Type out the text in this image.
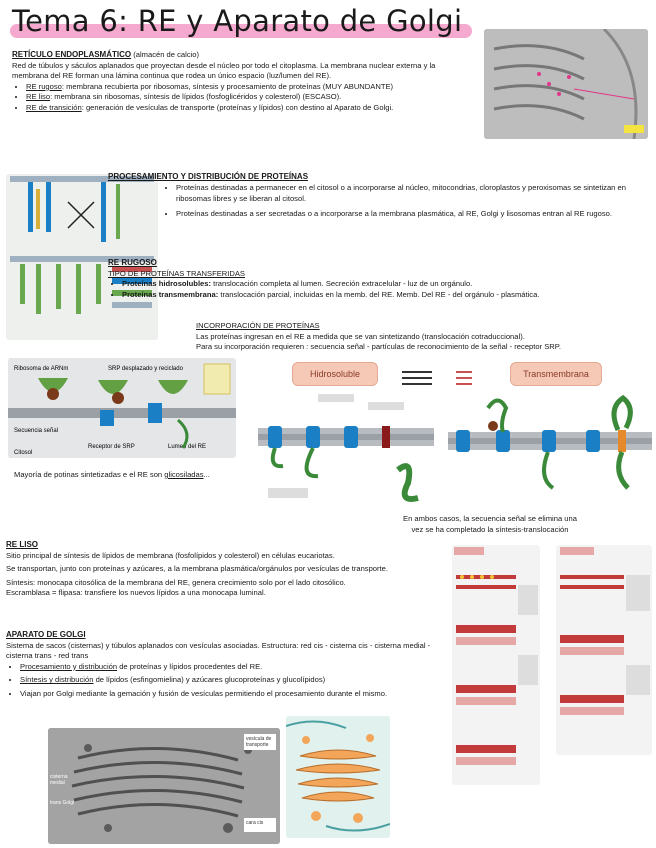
Tema 6: RE y Aparato de Golgi
RETÍCULO ENDOPLASMÁTICO (almacén de calcio)
Red de túbulos y sáculos aplanados que proyectan desde el núcleo por todo el citoplasma. La membrana nuclear externa y la membrana del RE forman una lámina continua que rodea un único espacio (luz/lumen del RE).
• RE rugoso: membrana recubierta por ribosomas, síntesis y procesamiento de proteínas (MUY ABUNDANTE)
• RE liso: membrana sin ribosomas, síntesis de lípidos (fosfoglicéridos y colesterol) (ESCASO).
• RE de transición: generación de vesículas de transporte (proteínas y lípidos) con destino al Aparato de Golgi.
PROCESAMIENTO Y DISTRIBUCIÓN DE PROTEÍNAS
• Proteínas destinadas a permanecer en el citosol o a incorporarse al núcleo, mitocondrias, cloroplastos y peroxisomas se sintetizan en ribosomas libres y se liberan al citosol.
• Proteínas destinadas a ser secretadas o a incorporarse a la membrana plasmática, al RE, Golgi y lisosomas entran al RE rugoso.
RE RUGOSO
TIPO DE PROTEÍNAS TRANSFERIDAS
• Proteínas hidrosolubles: translocación completa al lumen. Secreción extracelular - luz de un orgánulo.
• Proteínas transmembrana: translocación parcial, incluidas en la memb. del RE. Memb. Del RE - del orgánulo - plasmática.
INCORPORACIÓN DE PROTEÍNAS
Las proteínas ingresan en el RE a medida que se van sintetizando (translocación cotraduccional).
Para su incorporación requieren : secuencia señal - partículas de reconocimiento de la señal - receptor SRP.
Ribosoma de ARNm	SRP desplazado y reciclado
Secuencia señal
Receptor de SRP	Lumen del RE
Citosol
Hidrosoluble	Transmembrana
Mayoría de potinas sintetizadas e el RE son glicosiladas...
En ambos casos, la secuencia señal se elimina una
vez se ha completado la síntesis-translocación
RE LISO
Sitio principal de síntesis de lípidos de membrana (fosfolípidos y colesterol) en células eucariotas.
Se transportan, junto con proteínas y azúcares, a la membrana plasmática/orgánulos por vesículas de transporte.
Síntesis: monocapa citosólica de la membrana del RE, genera crecimiento solo por el lado citosólico.
Escramblasa = flipasa: transfiere los nuevos lípidos a una monocapa luminal.
APARATO DE GOLGI
Sistema de sacos (cisternas) y túbulos aplanados con vesículas asociadas. Estructura: red cis - cisterna cis - cisterna medial - cisterna trans - red trans
• Procesamiento y distribución de proteínas y lípidos procedentes del RE.
• Síntesis y distribución de lípidos (esfingomielina) y azúcares glucoproteínas y glucolípidos)
• Viajan por Golgi mediante la gemación y fusión de vesículas permitiendo el procesamiento durante el mismo.
vesícula de transporte
cisterna medial
trans Golgi
cara cis
